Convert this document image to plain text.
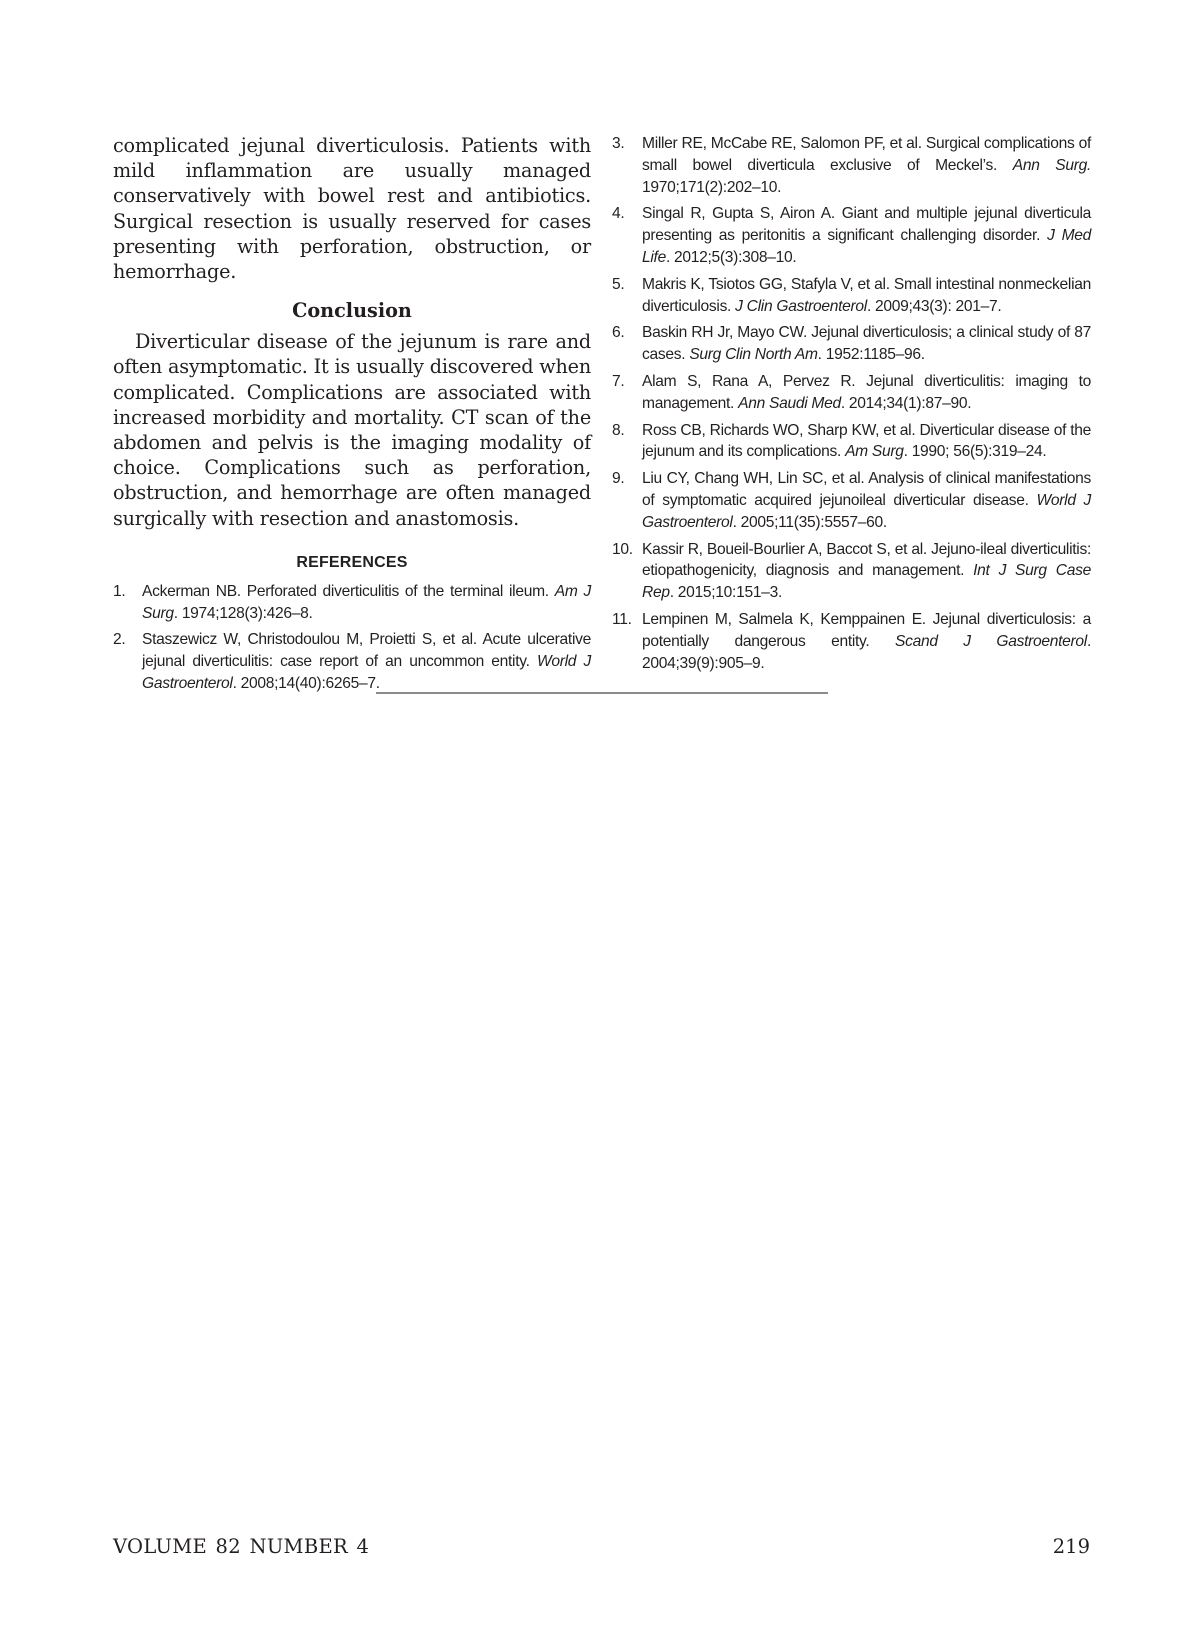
complicated jejunal diverticulosis. Patients with mild inflammation are usually managed conservatively with bowel rest and antibiotics. Surgical resection is usually reserved for cases presenting with perforation, obstruction, or hemorrhage.

Conclusion

Diverticular disease of the jejunum is rare and often asymptomatic. It is usually discovered when complicated. Complications are associated with increased morbidity and mortality. CT scan of the abdomen and pelvis is the imaging modality of choice. Complications such as perforation, obstruction, and hemorrhage are often managed surgically with resection and anastomosis.

REFERENCES
1. Ackerman NB. Perforated diverticulitis of the terminal ileum. Am J Surg. 1974;128(3):426–8.
2. Staszewicz W, Christodoulou M, Proietti S, et al. Acute ulcerative jejunal diverticulitis: case report of an uncommon entity. World J Gastroenterol. 2008;14(40):6265–7.
3. Miller RE, McCabe RE, Salomon PF, et al. Surgical complications of small bowel diverticula exclusive of Meckel’s. Ann Surg. 1970;171(2):202–10.
4. Singal R, Gupta S, Airon A. Giant and multiple jejunal diverticula presenting as peritonitis a significant challenging disorder. J Med Life. 2012;5(3):308–10.
5. Makris K, Tsiotos GG, Stafyla V, et al. Small intestinal nonmeckelian diverticulosis. J Clin Gastroenterol. 2009;43(3): 201–7.
6. Baskin RH Jr, Mayo CW. Jejunal diverticulosis; a clinical study of 87 cases. Surg Clin North Am. 1952:1185–96.
7. Alam S, Rana A, Pervez R. Jejunal diverticulitis: imaging to management. Ann Saudi Med. 2014;34(1):87–90.
8. Ross CB, Richards WO, Sharp KW, et al. Diverticular disease of the jejunum and its complications. Am Surg. 1990; 56(5):319–24.
9. Liu CY, Chang WH, Lin SC, et al. Analysis of clinical manifestations of symptomatic acquired jejunoileal diverticular disease. World J Gastroenterol. 2005;11(35):5557–60.
10. Kassir R, Boueil-Bourlier A, Baccot S, et al. Jejuno-ileal diverticulitis: etiopathogenicity, diagnosis and management. Int J Surg Case Rep. 2015;10:151–3.
11. Lempinen M, Salmela K, Kemppainen E. Jejunal diverticulosis: a potentially dangerous entity. Scand J Gastroenterol. 2004;39(9):905–9.
VOLUME 82 NUMBER 4	219
